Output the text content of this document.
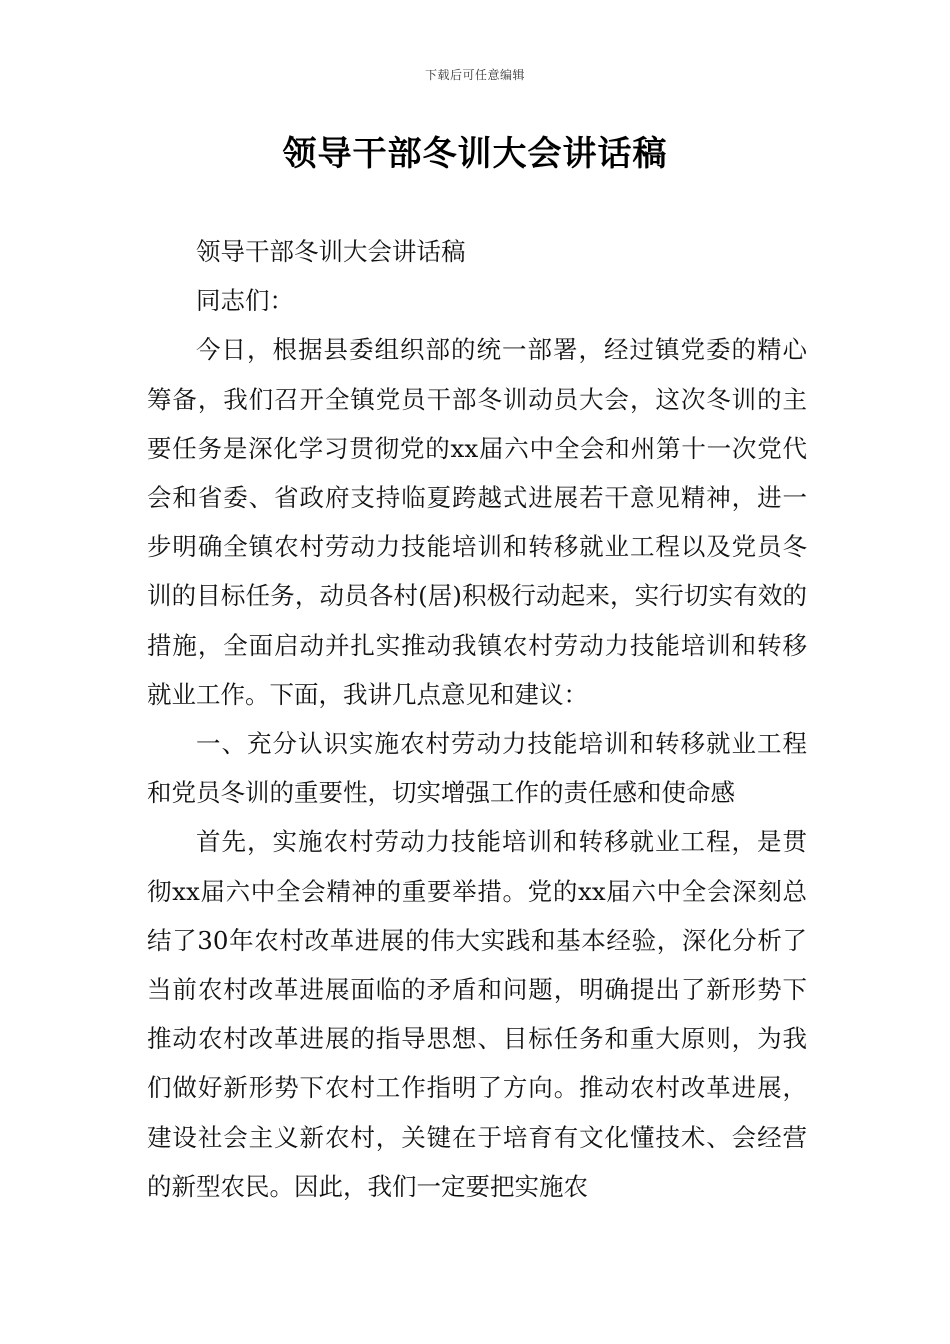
下载后可任意编辑
领导干部冬训大会讲话稿

领导干部冬训大会讲话稿

同志们：

今日，根据县委组织部的统一部署，经过镇党委的精心筹备，我们召开全镇党员干部冬训动员大会，这次冬训的主要任务是深化学习贯彻党的xx届六中全会和州第十一次党代会和省委、省政府支持临夏跨越式进展若干意见精神，进一步明确全镇农村劳动力技能培训和转移就业工程以及党员冬训的目标任务，动员各村(居)积极行动起来，实行切实有效的措施，全面启动并扎实推动我镇农村劳动力技能培训和转移就业工作。下面，我讲几点意见和建议：

一、充分认识实施农村劳动力技能培训和转移就业工程和党员冬训的重要性，切实增强工作的责任感和使命感

首先，实施农村劳动力技能培训和转移就业工程，是贯彻xx届六中全会精神的重要举措。党的xx届六中全会深刻总结了30年农村改革进展的伟大实践和基本经验，深化分析了当前农村改革进展面临的矛盾和问题，明确提出了新形势下推动农村改革进展的指导思想、目标任务和重大原则，为我们做好新形势下农村工作指明了方向。推动农村改革进展，建设社会主义新农村，关键在于培育有文化懂技术、会经营的新型农民。因此，我们一定要把实施农
